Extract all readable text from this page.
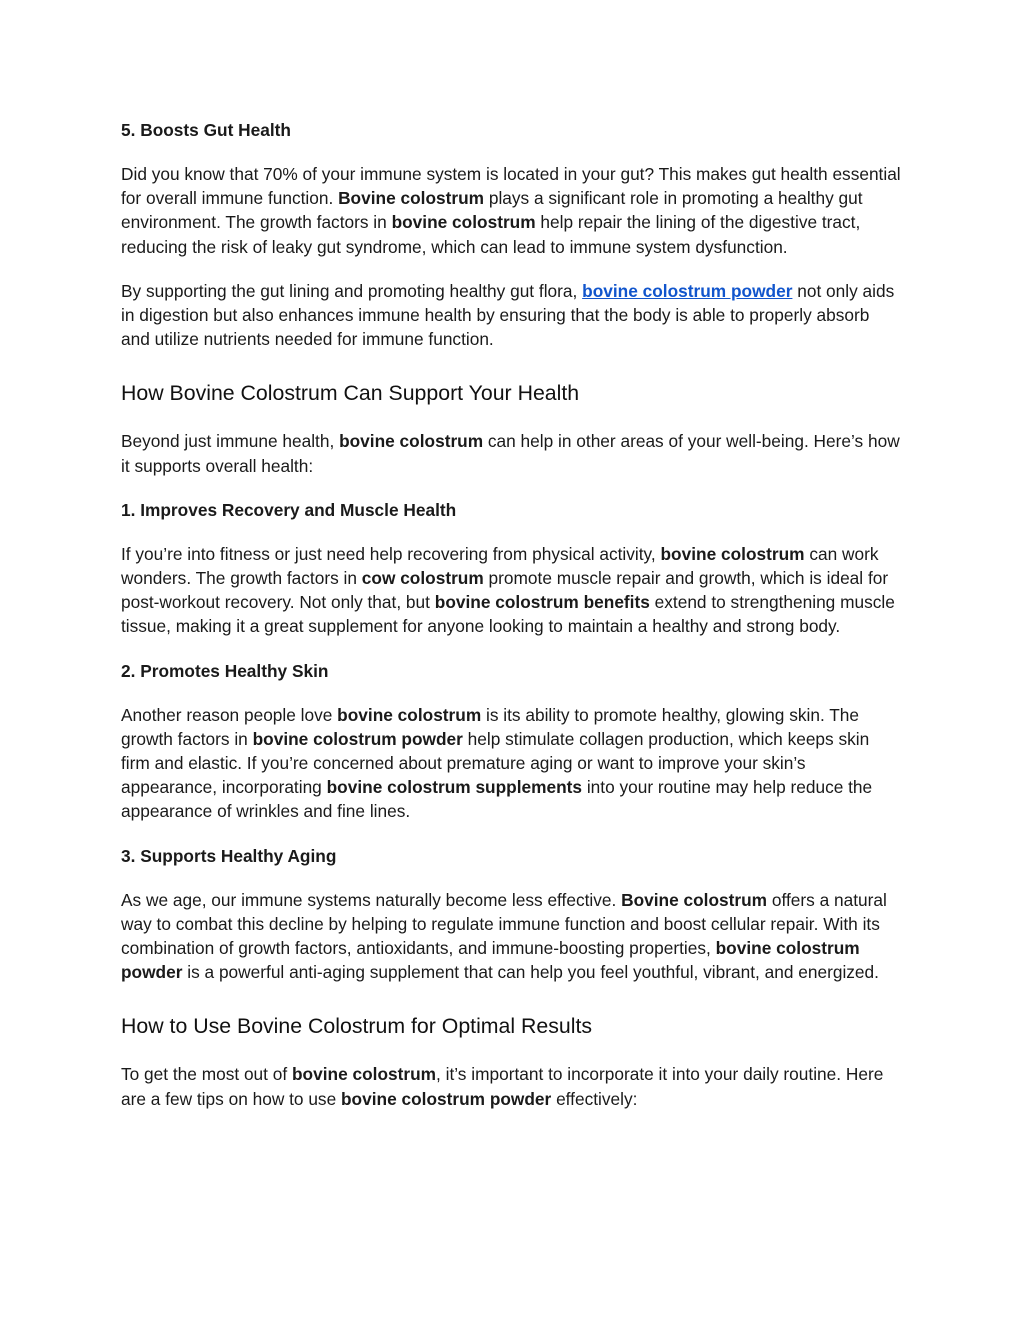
5. Boosts Gut Health

Did you know that 70% of your immune system is located in your gut? This makes gut health essential for overall immune function. Bovine colostrum plays a significant role in promoting a healthy gut environment. The growth factors in bovine colostrum help repair the lining of the digestive tract, reducing the risk of leaky gut syndrome, which can lead to immune system dysfunction.

By supporting the gut lining and promoting healthy gut flora, bovine colostrum powder not only aids in digestion but also enhances immune health by ensuring that the body is able to properly absorb and utilize nutrients needed for immune function.

How Bovine Colostrum Can Support Your Health

Beyond just immune health, bovine colostrum can help in other areas of your well-being. Here’s how it supports overall health:

1. Improves Recovery and Muscle Health

If you’re into fitness or just need help recovering from physical activity, bovine colostrum can work wonders. The growth factors in cow colostrum promote muscle repair and growth, which is ideal for post-workout recovery. Not only that, but bovine colostrum benefits extend to strengthening muscle tissue, making it a great supplement for anyone looking to maintain a healthy and strong body.

2. Promotes Healthy Skin

Another reason people love bovine colostrum is its ability to promote healthy, glowing skin. The growth factors in bovine colostrum powder help stimulate collagen production, which keeps skin firm and elastic. If you’re concerned about premature aging or want to improve your skin’s appearance, incorporating bovine colostrum supplements into your routine may help reduce the appearance of wrinkles and fine lines.

3. Supports Healthy Aging

As we age, our immune systems naturally become less effective. Bovine colostrum offers a natural way to combat this decline by helping to regulate immune function and boost cellular repair. With its combination of growth factors, antioxidants, and immune-boosting properties, bovine colostrum powder is a powerful anti-aging supplement that can help you feel youthful, vibrant, and energized.

How to Use Bovine Colostrum for Optimal Results

To get the most out of bovine colostrum, it’s important to incorporate it into your daily routine. Here are a few tips on how to use bovine colostrum powder effectively:
